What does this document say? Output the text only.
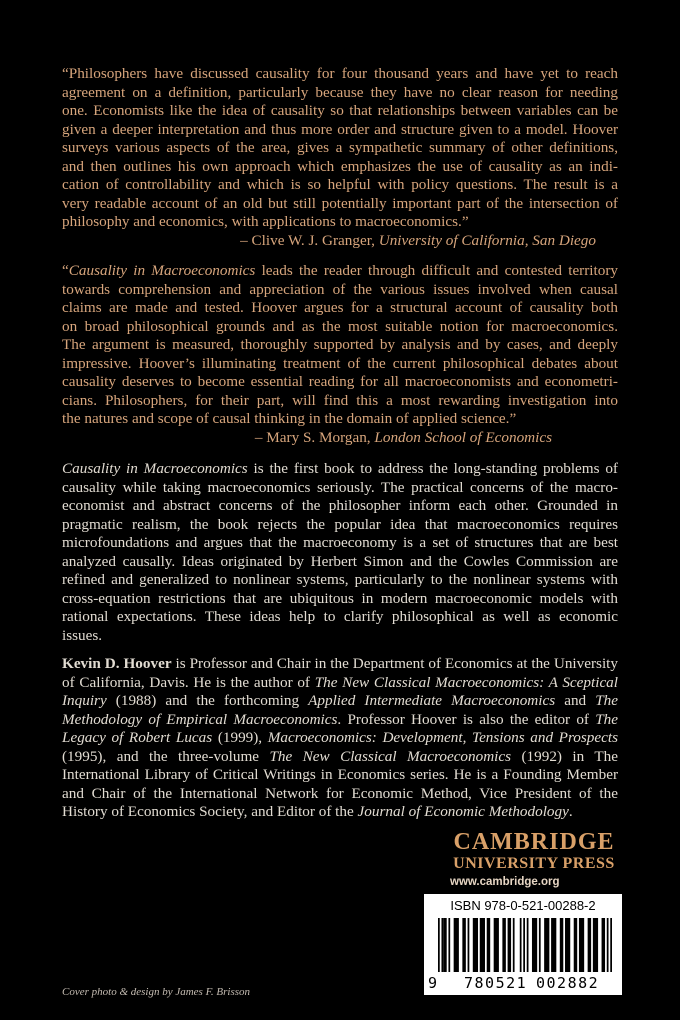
“Philosophers have discussed causality for four thousand years and have yet to reach
agreement on a definition, particularly because they have no clear reason for needing
one. Economists like the idea of causality so that relationships between variables can be
given a deeper interpretation and thus more order and structure given to a model. Hoover
surveys various aspects of the area, gives a sympathetic summary of other definitions,
and then outlines his own approach which emphasizes the use of causality as an indi-
cation of controllability and which is so helpful with policy questions. The result is a
very readable account of an old but still potentially important part of the intersection of
philosophy and economics, with applications to macroeconomics.”

– Clive W. J. Granger, University of California, San Diego

“Causality in Macroeconomics leads the reader through difficult and contested territory
towards comprehension and appreciation of the various issues involved when causal
claims are made and tested. Hoover argues for a structural account of causality both
on broad philosophical grounds and as the most suitable notion for macroeconomics.
The argument is measured, thoroughly supported by analysis and by cases, and deeply
impressive. Hoover’s illuminating treatment of the current philosophical debates about
causality deserves to become essential reading for all macroeconomists and econometri-
cians. Philosophers, for their part, will find this a most rewarding investigation into
the natures and scope of causal thinking in the domain of applied science.”

– Mary S. Morgan, London School of Economics

Causality in Macroeconomics is the first book to address the long-standing problems of
causality while taking macroeconomics seriously. The practical concerns of the macro-
economist and abstract concerns of the philosopher inform each other. Grounded in
pragmatic realism, the book rejects the popular idea that macroeconomics requires
microfoundations and argues that the macroeconomy is a set of structures that are best
analyzed causally. Ideas originated by Herbert Simon and the Cowles Commission are
refined and generalized to nonlinear systems, particularly to the nonlinear systems with
cross-equation restrictions that are ubiquitous in modern macroeconomic models with
rational expectations. These ideas help to clarify philosophical as well as economic
issues.
Kevin D. Hoover is Professor and Chair in the Department of Economics at the University of California, Davis. He is the author of The New Classical Macroeconomics: A Sceptical Inquiry (1988) and the forthcoming Applied Intermediate Macroeconomics and The Methodology of Empirical Macroeconomics. Professor Hoover is also the editor of The Legacy of Robert Lucas (1999), Macroeconomics: Development, Tensions and Prospects (1995), and the three-volume The New Classical Macroeconomics (1992) in The International Library of Critical Writings in Economics series. He is a Founding Member and Chair of the International Network for Economic Method, Vice President of the History of Economics Society, and Editor of the Journal of Economic Methodology.
CAMBRIDGE
UNIVERSITY PRESS
www.cambridge.org
ISBN 978-0-521-00288-2
9 780521 002882
Cover photo & design by James F. Brisson
